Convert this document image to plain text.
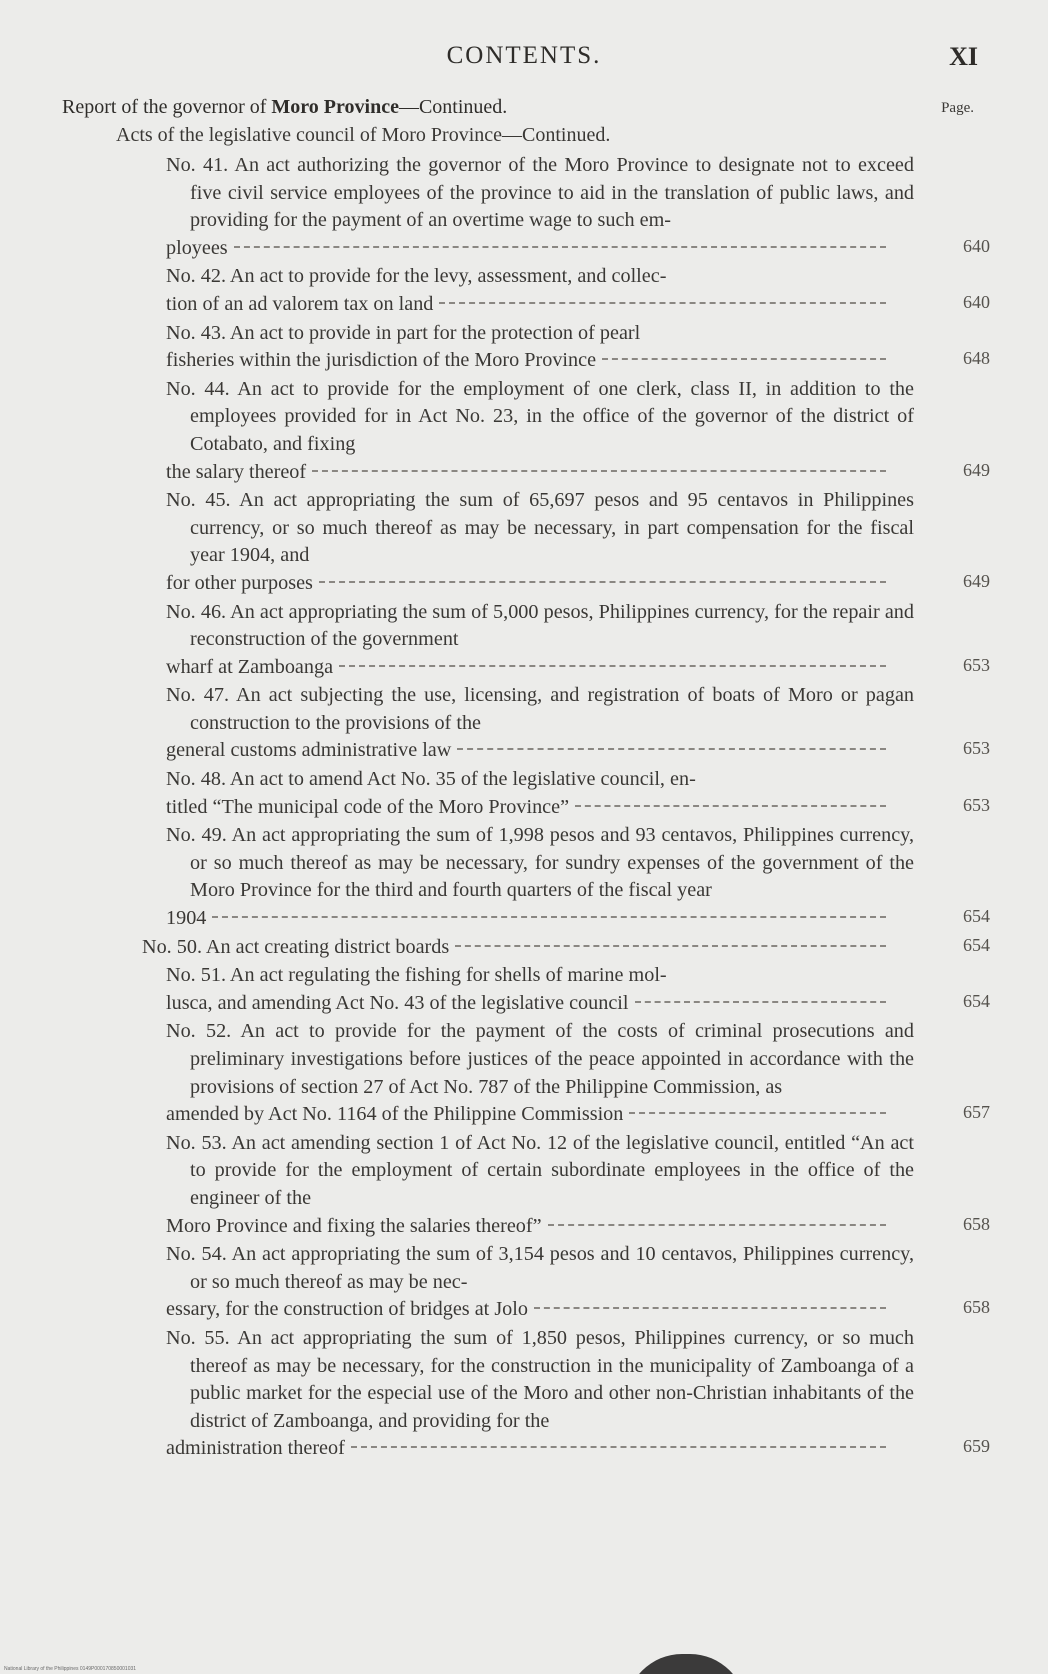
CONTENTS.	XI
Report of the governor of Moro Province—Continued.	Page.
Acts of the legislative council of Moro Province—Continued.
No. 41. An act authorizing the governor of the Moro Province to designate not to exceed five civil service employees of the province to aid in the translation of public laws, and providing for the payment of an overtime wage to such em-
ployees	640
No. 42. An act to provide for the levy, assessment, and collec-
tion of an ad valorem tax on land	640
No. 43. An act to provide in part for the protection of pearl
fisheries within the jurisdiction of the Moro Province	648
No. 44. An act to provide for the employment of one clerk, class II, in addition to the employees provided for in Act No. 23, in the office of the governor of the district of Cotabato, and fixing
the salary thereof	649
No. 45. An act appropriating the sum of 65,697 pesos and 95 centavos in Philippines currency, or so much thereof as may be necessary, in part compensation for the fiscal year 1904, and
for other purposes	649
No. 46. An act appropriating the sum of 5,000 pesos, Philippines currency, for the repair and reconstruction of the government
wharf at Zamboanga	653
No. 47. An act subjecting the use, licensing, and registration of boats of Moro or pagan construction to the provisions of the
general customs administrative law	653
No. 48. An act to amend Act No. 35 of the legislative council, en-
titled “The municipal code of the Moro Province”	653
No. 49. An act appropriating the sum of 1,998 pesos and 93 centavos, Philippines currency, or so much thereof as may be necessary, for sundry expenses of the government of the Moro Province for the third and fourth quarters of the fiscal year
1904	654
No. 50. An act creating district boards	654
No. 51. An act regulating the fishing for shells of marine mol-
lusca, and amending Act No. 43 of the legislative council	654
No. 52. An act to provide for the payment of the costs of criminal prosecutions and preliminary investigations before justices of the peace appointed in accordance with the provisions of section 27 of Act No. 787 of the Philippine Commission, as
amended by Act No. 1164 of the Philippine Commission	657
No. 53. An act amending section 1 of Act No. 12 of the legislative council, entitled “An act to provide for the employment of certain subordinate employees in the office of the engineer of the
Moro Province and fixing the salaries thereof”	658
No. 54. An act appropriating the sum of 3,154 pesos and 10 centavos, Philippines currency, or so much thereof as may be nec-
essary, for the construction of bridges at Jolo	658
No. 55. An act appropriating the sum of 1,850 pesos, Philippines currency, or so much thereof as may be necessary, for the construction in the municipality of Zamboanga of a public market for the especial use of the Moro and other non-Christian inhabitants of the district of Zamboanga, and providing for the
administration thereof	659
National Library of the Philippines 0149P000170850001031
